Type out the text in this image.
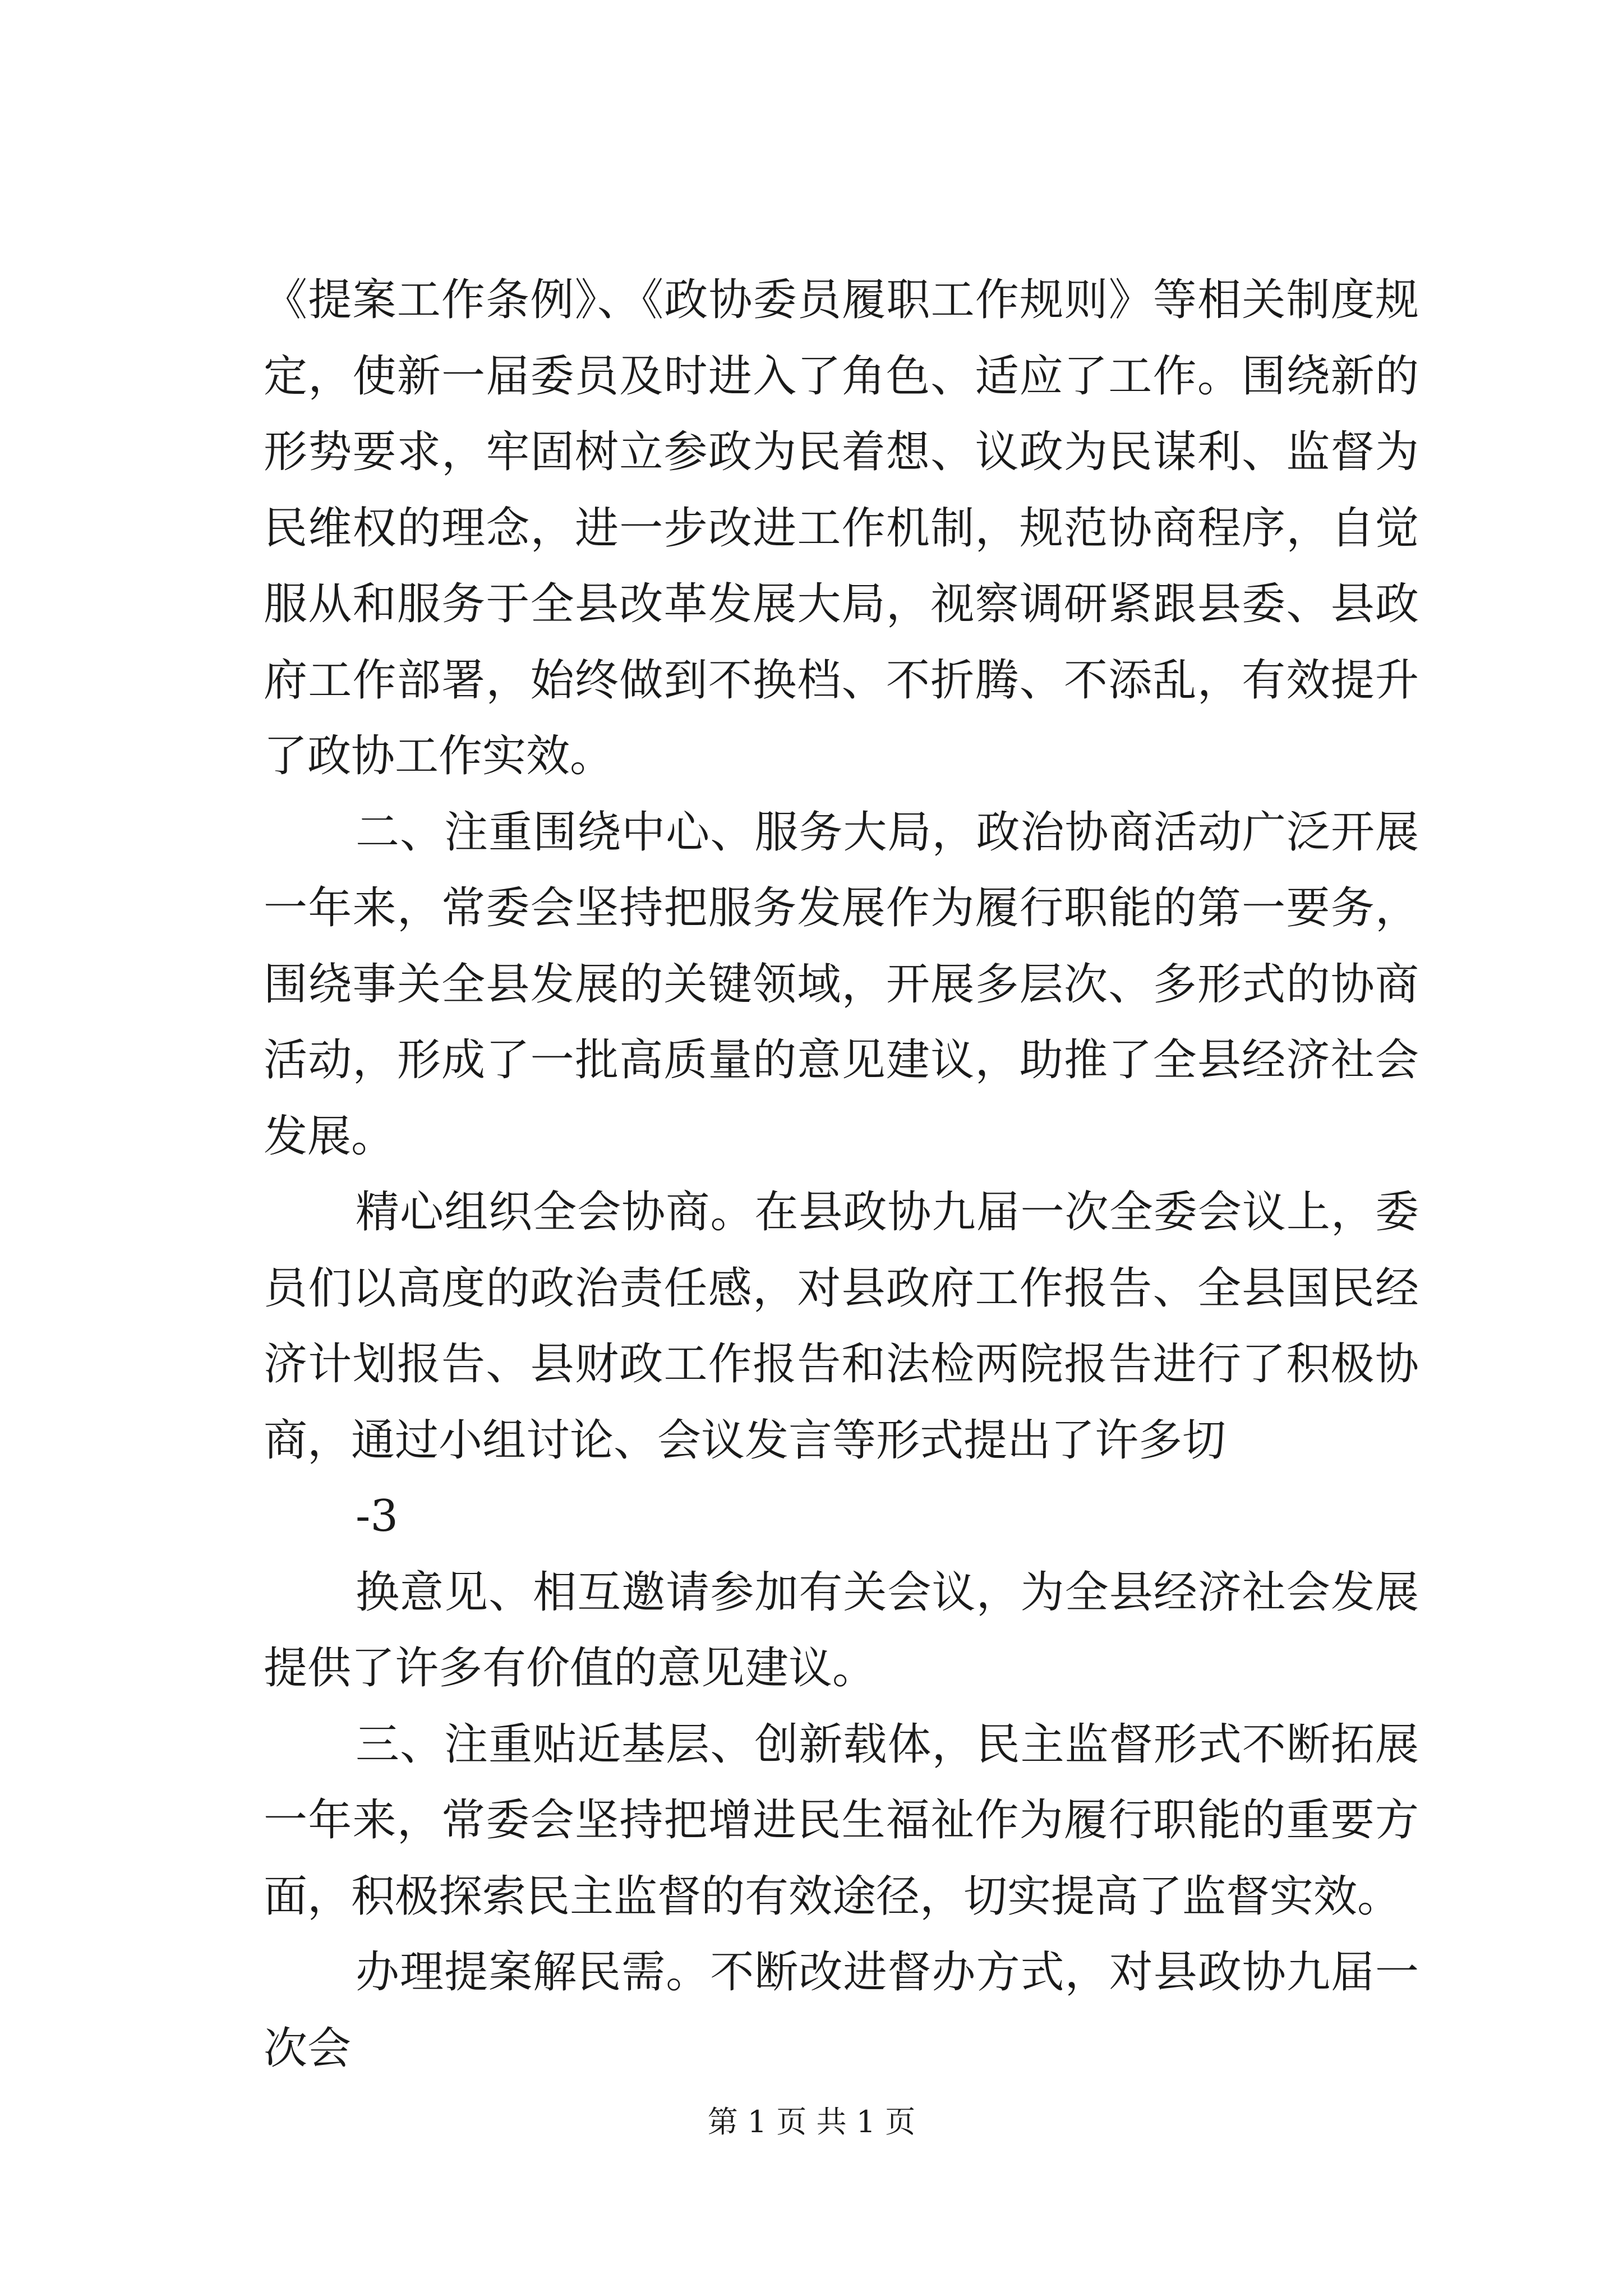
《提案工作条例》、《政协委员履职工作规则》等相关制度规定，使新一届委员及时进入了角色、适应了工作。围绕新的形势要求，牢固树立参政为民着想、议政为民谋利、监督为民维权的理念，进一步改进工作机制，规范协商程序，自觉服从和服务于全县改革发展大局，视察调研紧跟县委、县政府工作部署，始终做到不换档、不折腾、不添乱，有效提升了政协工作实效。

二、注重围绕中心、服务大局，政治协商活动广泛开展一年来，常委会坚持把服务发展作为履行职能的第一要务，围绕事关全县发展的关键领域，开展多层次、多形式的协商活动，形成了一批高质量的意见建议，助推了全县经济社会发展。

精心组织全会协商。在县政协九届一次全委会议上，委员们以高度的政治责任感，对县政府工作报告、全县国民经济计划报告、县财政工作报告和法检两院报告进行了积极协商，通过小组讨论、会议发言等形式提出了许多切

-3

换意见、相互邀请参加有关会议，为全县经济社会发展提供了许多有价值的意见建议。

三、注重贴近基层、创新载体，民主监督形式不断拓展一年来，常委会坚持把增进民生福祉作为履行职能的重要方面，积极探索民主监督的有效途径，切实提高了监督实效。

办理提案解民需。不断改进督办方式，对县政协九届一次会

第 1 页 共 1 页
